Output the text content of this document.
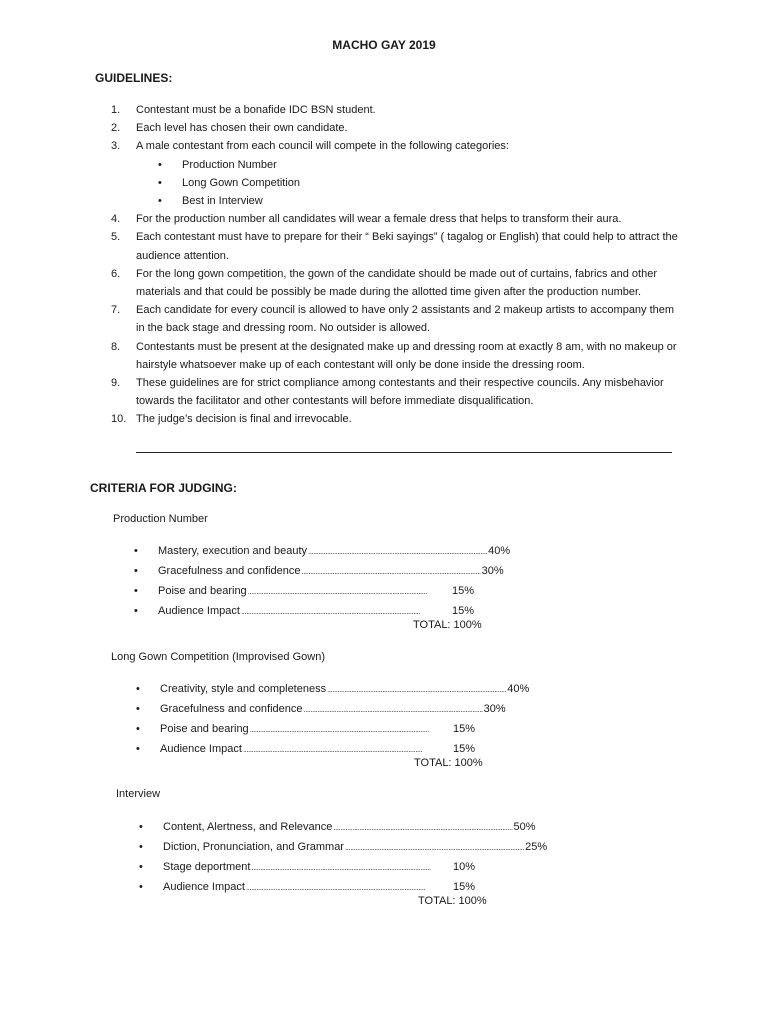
MACHO GAY 2019
GUIDELINES:
1. Contestant must be a bonafide IDC BSN student.
2. Each level has chosen their own candidate.
3. A male contestant from each council will compete in the following categories:
• Production Number
• Long Gown Competition
• Best in Interview
4. For the production number all candidates will wear a female dress that helps to transform their aura.
5. Each contestant must have to prepare for their “ Beki sayings” ( tagalog or English) that could help to attract the audience attention.
6. For the long gown competition, the gown of the candidate should be made out of curtains, fabrics and other materials and that could be possibly be made during the allotted time given after the production number.
7. Each candidate for every council is allowed to have only 2 assistants and 2 makeup artists to accompany them in the back stage and dressing room. No outsider is allowed.
8. Contestants must be present at the designated make up and dressing room at exactly 8 am, with no makeup or hairstyle whatsoever make up of each contestant will only be done inside the dressing room.
9. These guidelines are for strict compliance among contestants and their respective councils. Any misbehavior towards the facilitator and other contestants will before immediate disqualification.
10. The judge’s decision is final and irrevocable.
CRITERIA FOR JUDGING:
Production Number
• Mastery, execution and beauty ........................................................................................................ 40%
• Gracefulness and confidence ........................................................................................................ 30%
• Poise and bearing ........................................................................................................	15%
• Audience Impact ........................................................................................................	15%
TOTAL: 100%
Long Gown Competition (Improvised Gown)
• Creativity, style and completeness ........................................................................................................ 40%
• Gracefulness and confidence ........................................................................................................ 30%
• Poise and bearing ........................................................................................................	15%
• Audience Impact ........................................................................................................	15%
TOTAL: 100%
Interview
• Content, Alertness, and Relevance ........................................................................................................ 50%
• Diction, Pronunciation, and Grammar ........................................................................................................ 25%
• Stage deportment ........................................................................................................	10%
• Audience Impact ........................................................................................................	15%
TOTAL: 100%
